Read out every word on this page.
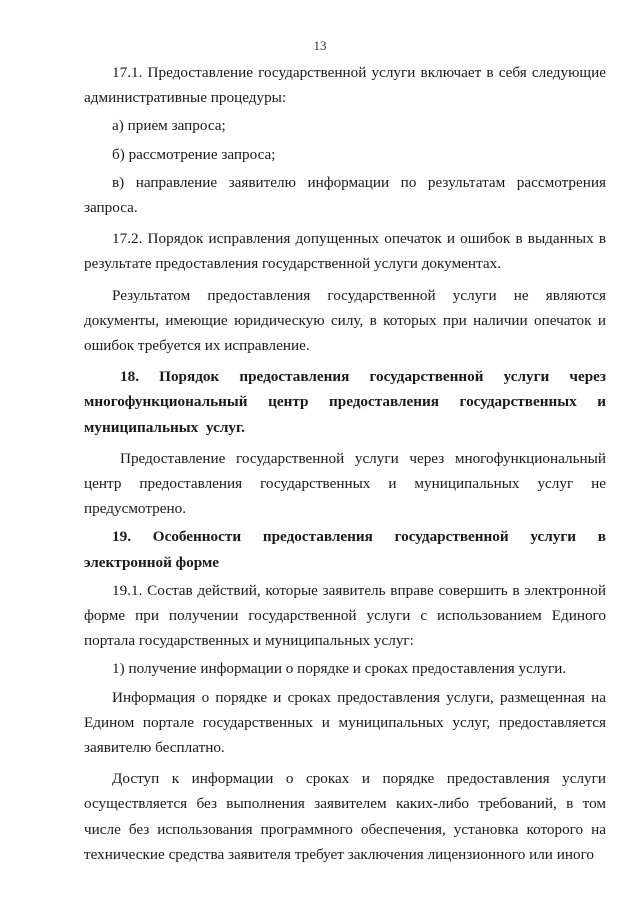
13

17.1. Предоставление государственной услуги включает в себя следующие административные процедуры:

а) прием запроса;

б) рассмотрение запроса;

в) направление заявителю информации по результатам рассмотрения запроса.

17.2. Порядок исправления допущенных опечаток и ошибок в выданных в результате предоставления государственной услуги документах.

Результатом предоставления государственной услуги не являются документы, имеющие юридическую силу, в которых при наличии опечаток и ошибок требуется их исправление.

18. Порядок предоставления государственной услуги через многофункциональный центр предоставления государственных и муниципальных услуг.

Предоставление государственной услуги через многофункциональный центр предоставления государственных и муниципальных услуг не предусмотрено.

19. Особенности предоставления государственной услуги в электронной форме

19.1. Состав действий, которые заявитель вправе совершить в электронной форме при получении государственной услуги с использованием Единого портала государственных и муниципальных услуг:

1) получение информации о порядке и сроках предоставления услуги.

Информация о порядке и сроках предоставления услуги, размещенная на Едином портале государственных и муниципальных услуг, предоставляется заявителю бесплатно.

Доступ к информации о сроках и порядке предоставления услуги осуществляется без выполнения заявителем каких-либо требований, в том числе без использования программного обеспечения, установка которого на технические средства заявителя требует заключения лицензионного или иного
